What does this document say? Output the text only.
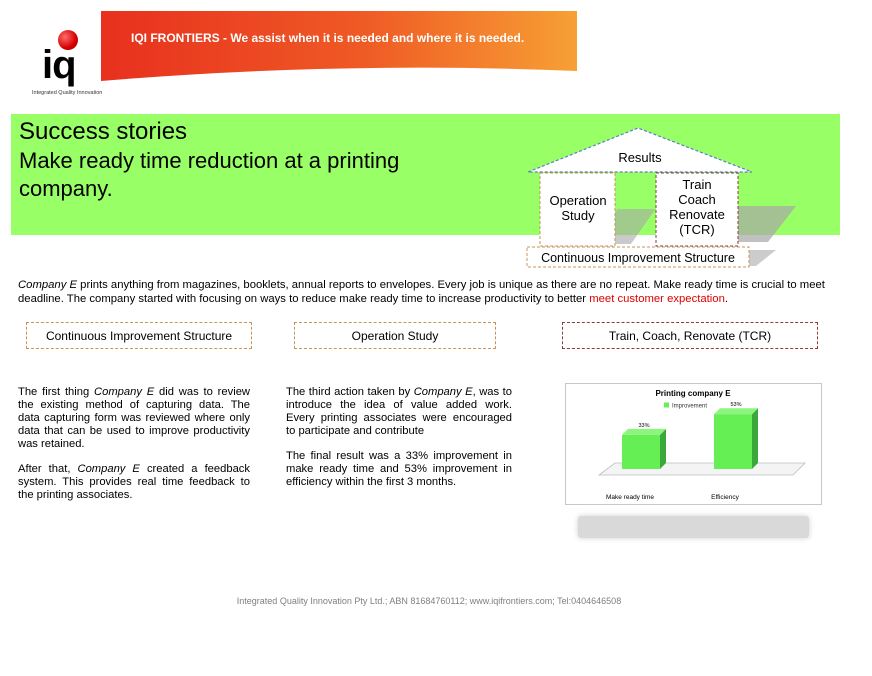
iq
Integrated Quality Innovation
IQI FRONTIERS - We assist when it is needed and where it is needed.
Success stories
Make ready time reduction at a printing company.
Results
Operation Study
Train
Coach
Renovate
(TCR)
Continuous Improvement Structure
Company E prints anything from magazines, booklets, annual reports to envelopes. Every job is unique as there are no repeat. Make ready time is crucial to meet deadline. The company started with focusing on ways to reduce make ready time to increase productivity to better meet customer expectation.
Continuous Improvement Structure	Operation Study	Train, Coach, Renovate (TCR)

The first thing Company E did was to review the existing method of capturing data. The data capturing form was reviewed where only data that can be used to improve productivity was retained.

After that, Company E created a feedback system. This provides real time feedback to the printing associates.

The third action taken by Company E, was to introduce the idea of value added work. Every printing associates were encouraged to participate and contribute

The final result was a 33% improvement in make ready time and 53% improvement in efficiency within the first 3 months.

Printing company E
Improvement
33%
Make ready time
53%
Efficiency
Integrated Quality Innovation Pty Ltd.; ABN 81684760112; www.iqifrontiers.com; Tel:0404646508
